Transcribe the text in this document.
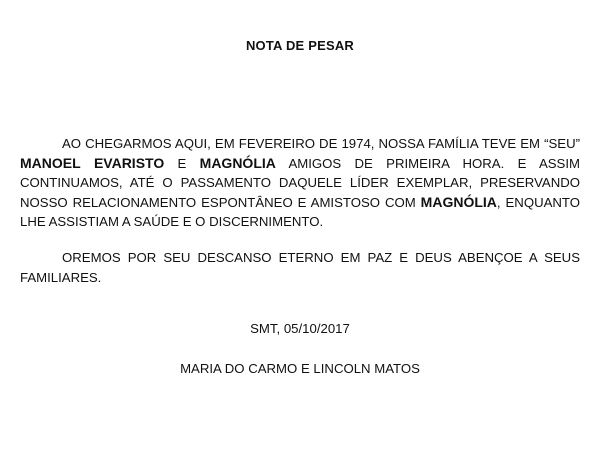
NOTA DE PESAR

AO CHEGARMOS AQUI, EM FEVEREIRO DE 1974, NOSSA FAMÍLIA TEVE EM “SEU” MANOEL EVARISTO E MAGNÓLIA AMIGOS DE PRIMEIRA HORA. E ASSIM CONTINUAMOS, ATÉ O PASSAMENTO DAQUELE LÍDER EXEMPLAR, PRESERVANDO NOSSO RELACIONAMENTO ESPONTÂNEO E AMISTOSO COM MAGNÓLIA, ENQUANTO LHE ASSISTIAM A SAÚDE E O DISCERNIMENTO.

OREMOS POR SEU DESCANSO ETERNO EM PAZ E DEUS ABENÇOE A SEUS FAMILIARES.

SMT, 05/10/2017
MARIA DO CARMO E LINCOLN MATOS
